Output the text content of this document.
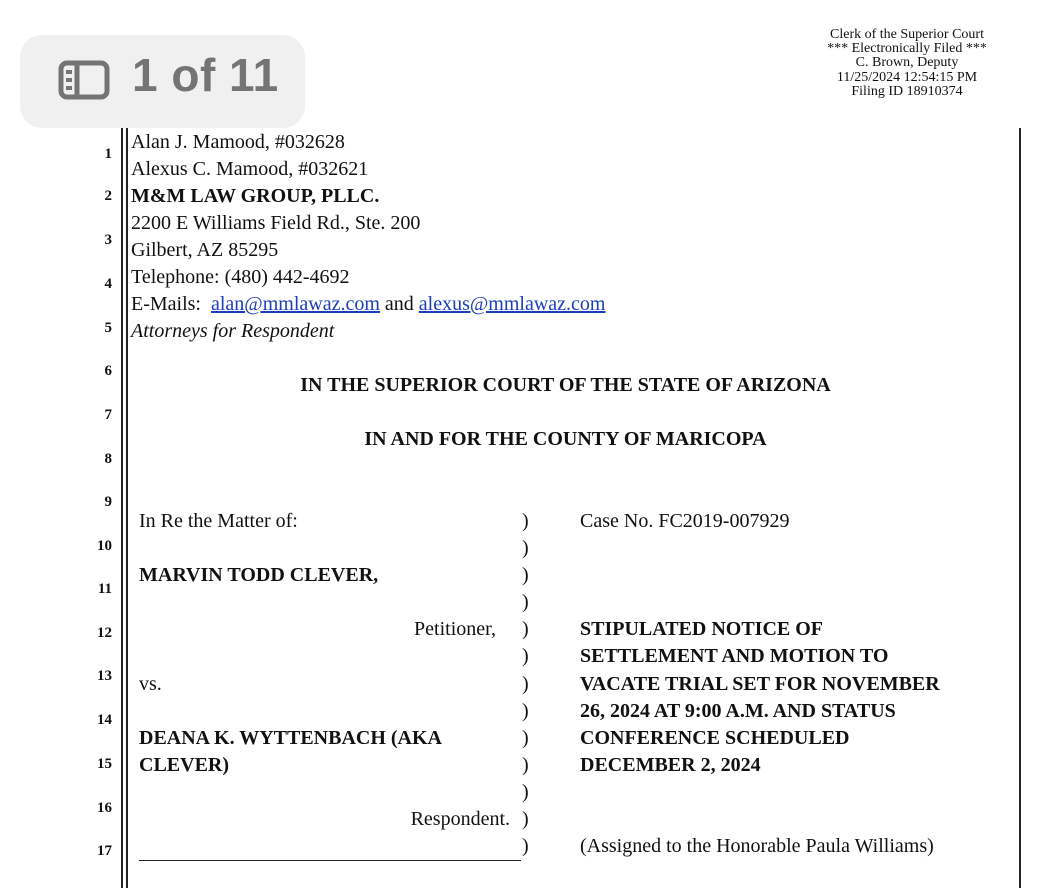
1 of 11
Clerk of the Superior Court
*** Electronically Filed ***
C. Brown, Deputy
11/25/2024 12:54:15 PM
Filing ID 18910374
1
2
3
4
5
6
7
8
9
10
11
12
13
14
15
16
17
Alan J. Mamood, #032628
Alexus C. Mamood, #032621
M&M LAW GROUP, PLLC.
2200 E Williams Field Rd., Ste. 200
Gilbert, AZ 85295
Telephone: (480) 442-4692
E-Mails: alan@mmlawaz.com and alexus@mmlawaz.com
Attorneys for Respondent
IN THE SUPERIOR COURT OF THE STATE OF ARIZONA
IN AND FOR THE COUNTY OF MARICOPA
In Re the Matter of:
MARVIN TODD CLEVER,
Petitioner,
vs.
DEANA K. WYTTENBACH (AKA
CLEVER)
Respondent.
)
)
)
)
)
)
)
)
)
)
)
)
)
Case No. FC2019-007929
STIPULATED NOTICE OF
SETTLEMENT AND MOTION TO
VACATE TRIAL SET FOR NOVEMBER
26, 2024 AT 9:00 A.M. AND STATUS
CONFERENCE SCHEDULED
DECEMBER 2, 2024
(Assigned to the Honorable Paula Williams)
